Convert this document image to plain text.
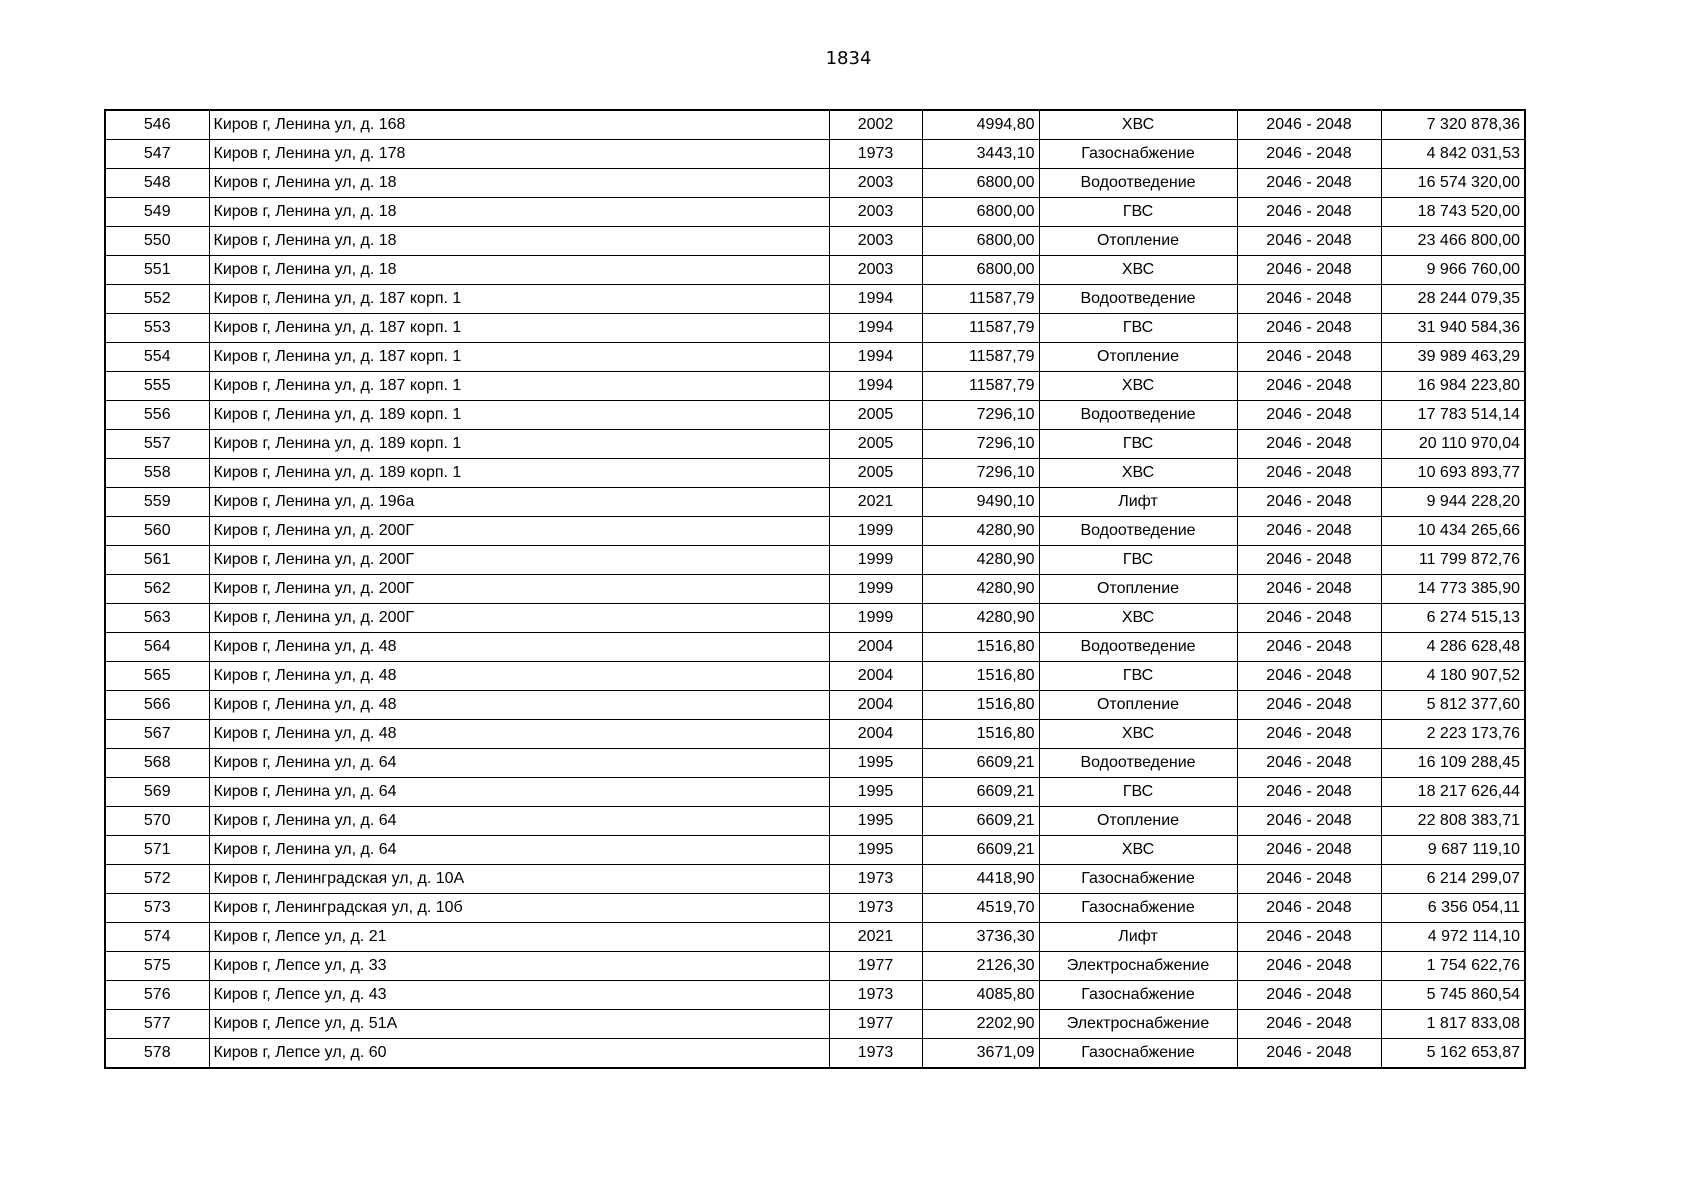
1834
546	Киров г, Ленина ул, д. 168	2002	4994,80	ХВС	2046 - 2048	7 320 878,36
547	Киров г, Ленина ул, д. 178	1973	3443,10	Газоснабжение	2046 - 2048	4 842 031,53
548	Киров г, Ленина ул, д. 18	2003	6800,00	Водоотведение	2046 - 2048	16 574 320,00
549	Киров г, Ленина ул, д. 18	2003	6800,00	ГВС	2046 - 2048	18 743 520,00
550	Киров г, Ленина ул, д. 18	2003	6800,00	Отопление	2046 - 2048	23 466 800,00
551	Киров г, Ленина ул, д. 18	2003	6800,00	ХВС	2046 - 2048	9 966 760,00
552	Киров г, Ленина ул, д. 187 корп. 1	1994	11587,79	Водоотведение	2046 - 2048	28 244 079,35
553	Киров г, Ленина ул, д. 187 корп. 1	1994	11587,79	ГВС	2046 - 2048	31 940 584,36
554	Киров г, Ленина ул, д. 187 корп. 1	1994	11587,79	Отопление	2046 - 2048	39 989 463,29
555	Киров г, Ленина ул, д. 187 корп. 1	1994	11587,79	ХВС	2046 - 2048	16 984 223,80
556	Киров г, Ленина ул, д. 189 корп. 1	2005	7296,10	Водоотведение	2046 - 2048	17 783 514,14
557	Киров г, Ленина ул, д. 189 корп. 1	2005	7296,10	ГВС	2046 - 2048	20 110 970,04
558	Киров г, Ленина ул, д. 189 корп. 1	2005	7296,10	ХВС	2046 - 2048	10 693 893,77
559	Киров г, Ленина ул, д. 196а	2021	9490,10	Лифт	2046 - 2048	9 944 228,20
560	Киров г, Ленина ул, д. 200Г	1999	4280,90	Водоотведение	2046 - 2048	10 434 265,66
561	Киров г, Ленина ул, д. 200Г	1999	4280,90	ГВС	2046 - 2048	11 799 872,76
562	Киров г, Ленина ул, д. 200Г	1999	4280,90	Отопление	2046 - 2048	14 773 385,90
563	Киров г, Ленина ул, д. 200Г	1999	4280,90	ХВС	2046 - 2048	6 274 515,13
564	Киров г, Ленина ул, д. 48	2004	1516,80	Водоотведение	2046 - 2048	4 286 628,48
565	Киров г, Ленина ул, д. 48	2004	1516,80	ГВС	2046 - 2048	4 180 907,52
566	Киров г, Ленина ул, д. 48	2004	1516,80	Отопление	2046 - 2048	5 812 377,60
567	Киров г, Ленина ул, д. 48	2004	1516,80	ХВС	2046 - 2048	2 223 173,76
568	Киров г, Ленина ул, д. 64	1995	6609,21	Водоотведение	2046 - 2048	16 109 288,45
569	Киров г, Ленина ул, д. 64	1995	6609,21	ГВС	2046 - 2048	18 217 626,44
570	Киров г, Ленина ул, д. 64	1995	6609,21	Отопление	2046 - 2048	22 808 383,71
571	Киров г, Ленина ул, д. 64	1995	6609,21	ХВС	2046 - 2048	9 687 119,10
572	Киров г, Ленинградская ул, д. 10А	1973	4418,90	Газоснабжение	2046 - 2048	6 214 299,07
573	Киров г, Ленинградская ул, д. 10б	1973	4519,70	Газоснабжение	2046 - 2048	6 356 054,11
574	Киров г, Лепсе ул, д. 21	2021	3736,30	Лифт	2046 - 2048	4 972 114,10
575	Киров г, Лепсе ул, д. 33	1977	2126,30	Электроснабжение	2046 - 2048	1 754 622,76
576	Киров г, Лепсе ул, д. 43	1973	4085,80	Газоснабжение	2046 - 2048	5 745 860,54
577	Киров г, Лепсе ул, д. 51А	1977	2202,90	Электроснабжение	2046 - 2048	1 817 833,08
578	Киров г, Лепсе ул, д. 60	1973	3671,09	Газоснабжение	2046 - 2048	5 162 653,87
